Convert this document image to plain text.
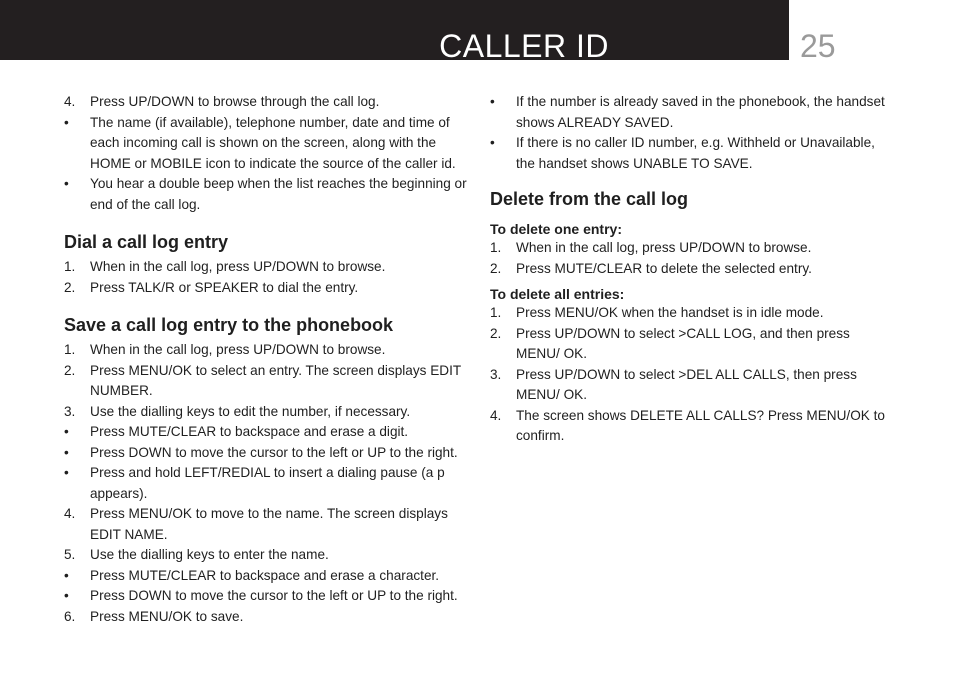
CALLER ID	25
4.	Press UP/DOWN to browse through the call log.
•	The name (if available), telephone number, date and time of each incoming call is shown on the screen, along with the HOME or MOBILE icon to indicate the source of the caller id.
•	You hear a double beep when the list reaches the beginning or end of the call log.
Dial a call log entry
1.	When in the call log, press UP/DOWN to browse.
2.	Press TALK/R or SPEAKER to dial the entry.
Save a call log entry to the phonebook
1.	When in the call log, press UP/DOWN to browse.
2.	Press MENU/OK to select an entry. The screen displays EDIT NUMBER.
3.	Use the dialling keys to edit the number, if necessary.
•	Press MUTE/CLEAR to backspace and erase a digit.
•	Press DOWN to move the cursor to the left or UP to the right.
•	Press and hold LEFT/REDIAL to insert a dialing pause (a p appears).
4.	Press MENU/OK to move to the name. The screen displays EDIT NAME.
5.	Use the dialling keys to enter the name.
•	Press MUTE/CLEAR to backspace and erase a character.
•	Press DOWN to move the cursor to the left or UP to the right.
6.	Press MENU/OK to save.
•	If the number is already saved in the phonebook, the handset shows ALREADY SAVED.
•	If there is no caller ID number, e.g. Withheld or Unavailable, the handset shows UNABLE TO SAVE.
Delete from the call log
To delete one entry:
1.	When in the call log, press UP/DOWN to browse.
2.	Press MUTE/CLEAR to delete the selected entry.
To delete all entries:
1.	Press MENU/OK when the handset is in idle mode.
2.	Press UP/DOWN to select >CALL LOG, and then press MENU/ OK.
3.	Press UP/DOWN to select >DEL ALL CALLS, then press MENU/ OK.
4.	The screen shows DELETE ALL CALLS? Press MENU/OK to confirm.
